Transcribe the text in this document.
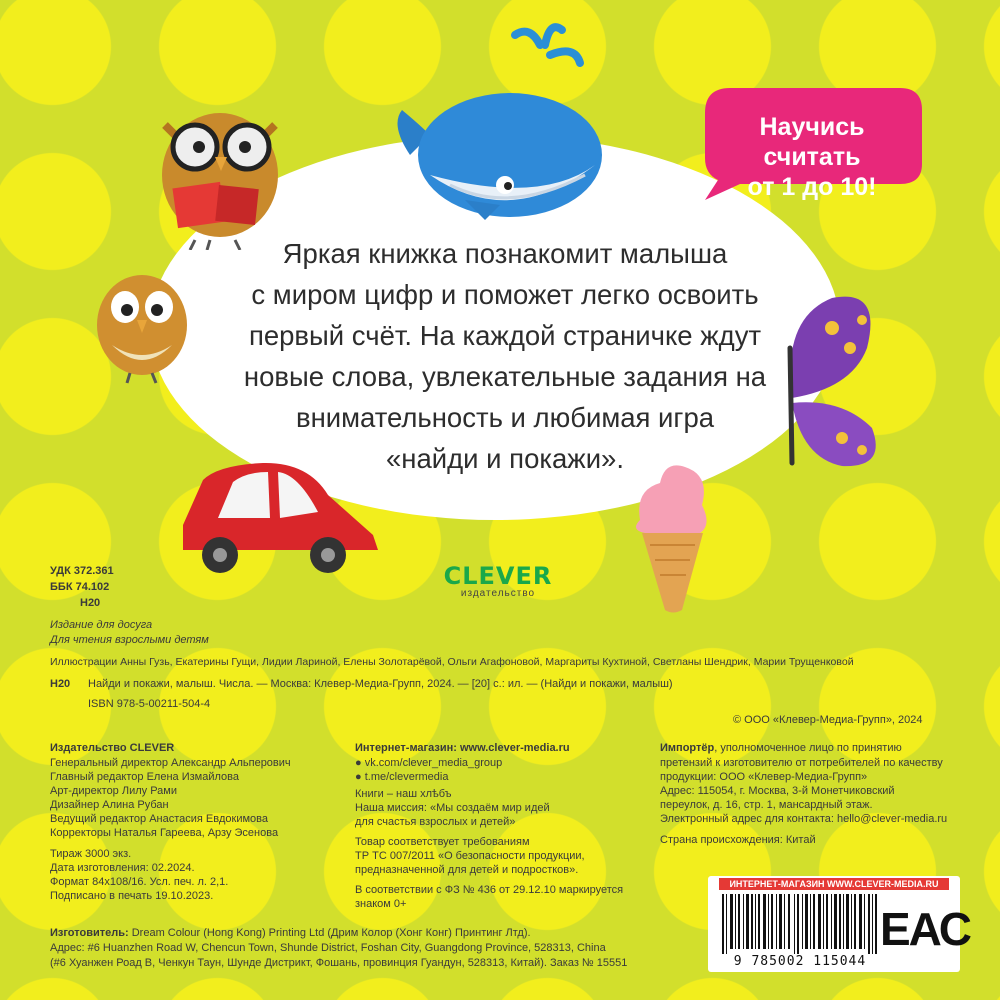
Научись считать
от 1 до 10!
Яркая книжка познакомит малыша
с миром цифр и поможет легко освоить
первый счёт. На каждой страничке ждут
новые слова, увлекательные задания на
внимательность и любимая игра
«найди и покажи».
CLEVER
издательство
УДК 372.361
ББК 74.102
Н20
Издание для досуга
Для чтения взрослыми детям
Иллюстрации Анны Гузь, Екатерины Гущи, Лидии Лариной, Елены Золотарёвой, Ольги Агафоновой, Маргариты Кухтиной, Светланы Шендрик, Марии Трущенковой
Н20 Найди и покажи, малыш. Числа. — Москва: Клевер-Медиа-Групп, 2024. — [20] с.: ил. — (Найди и покажи, малыш)
ISBN 978-5-00211-504-4
© ООО «Клевер-Медиа-Групп», 2024
Издательство CLEVER
Генеральный директор Александр Альперович
Главный редактор Елена Измайлова
Арт-директор Лилу Рами
Дизайнер Алина Рубан
Ведущий редактор Анастасия Евдокимова
Корректоры Наталья Гареева, Арзу Эсенова
Тираж 3000 экз.
Дата изготовления: 02.2024.
Формат 84х108/16. Усл. печ. л. 2,1.
Подписано в печать 19.10.2023.
Интернет-магазин: www.clever-media.ru
● vk.com/clever_media_group
● t.me/clevermedia
Книги – наш хлѣбъ
Наша миссия: «Мы создаём мир идей
для счастья взрослых и детей»
Товар соответствует требованиям
ТР ТС 007/2011 «О безопасности продукции,
предназначенной для детей и подростков».
В соответствии с ФЗ № 436 от 29.12.10 маркируется
знаком 0+
Импортёр, уполномоченное лицо по принятию
претензий к изготовителю от потребителей по качеству
продукции: ООО «Клевер-Медиа-Групп»
Адрес: 115054, г. Москва, 3-й Монетчиковский
переулок, д. 16, стр. 1, мансардный этаж.
Электронный адрес для контакта: hello@clever-media.ru
Страна происхождения: Китай
Изготовитель: Dream Colour (Hong Kong) Printing Ltd (Дрим Колор (Хонг Конг) Принтинг Лтд).
Адрес: #6 Huanzhen Road W, Chencun Town, Shunde District, Foshan City, Guangdong Province, 528313, China
(#6 Хуанжен Роад В, Ченкун Таун, Шунде Дистрикт, Фошань, провинция Гуандун, 528313, Китай). Заказ № 15551
ИНТЕРНЕТ-МАГАЗИН WWW.CLEVER-MEDIA.RU
9 785002 115044
ЕАС
